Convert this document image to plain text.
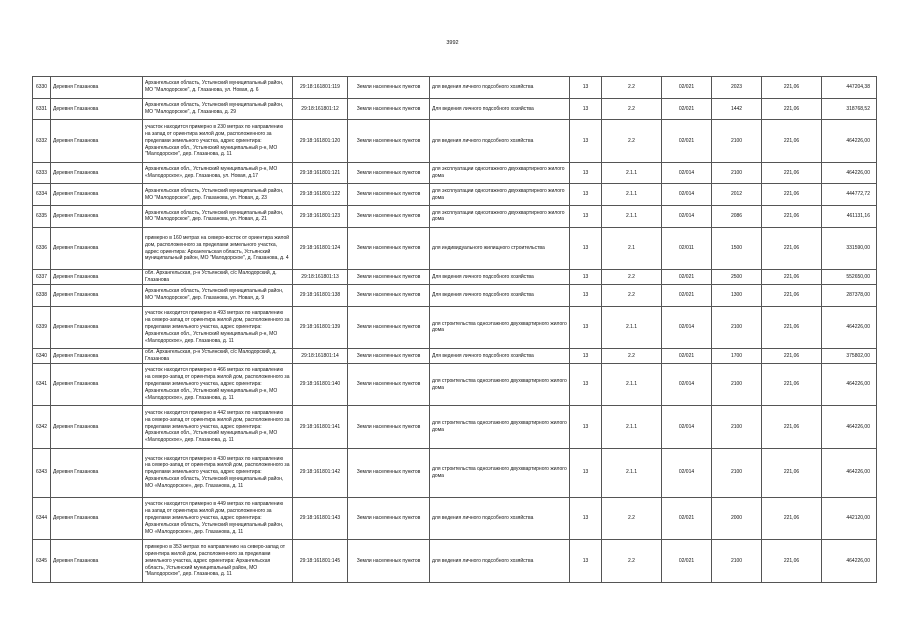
3992
6330	Деревня Глазанова	Архангельская область, Устьянский муниципальный район, МО "Малодорское", д. Глазанова, ул. Новая, д. 6	29:18:161801:119	Земли населенных пунктов	для ведения личного подсобного хозяйства	13	2.2	02/021	2023	221,06	447204,38
6331	Деревня Глазанова	Архангельская область, Устьянский муниципальный район, МО "Малодорское", д. Глазанова, д. 29	29:18:161801:12	Земли населенных пунктов	Для ведения личного подсобного хозяйства	13	2.2	02/021	1442	221,06	318768,52
6332	Деревня Глазанова	участок находится примерно в 230 метрах по направлению на запад от ориентира жилой дом, расположенного за пределами земельного участка, адрес ориентира: Архангельская обл., Устьянский муниципальный р-н, МО "Малодорское", дер. Глазанова, д. 11	29:18:161801:120	Земли населенных пунктов	для ведения личного подсобного хозяйства	13	2.2	02/021	2100	221,06	464226,00
6333	Деревня Глазанова	Архангельская обл., Устьянский муниципальный р-н, МО «Малодорское», дер. Глазанова, ул. Новая, д.17	29:18:161801:121	Земли населенных пунктов	для эксплуатации одноэтажного двухквартирного жилого дома	13	2.1.1	02/014	2100	221,06	464226,00
6334	Деревня Глазанова	Архангельская область, Устьянский муниципальный район, МО "Малодорское", дер. Глазанова, ул. Новая, д. 23	29:18:161801:122	Земли населенных пунктов	для эксплуатации одноэтажного двухквартирного жилого дома	13	2.1.1	02/014	2012	221,06	444772,72
6335	Деревня Глазанова	Архангельская область, Устьянский муниципальный район, МО "Малодорское", дер. Глазанова, ул. Новая, д. 21	29:18:161801:123	Земли населенных пунктов	для эксплуатации одноэтажного двухквартирного жилого дома	13	2.1.1	02/014	2086	221,06	461131,16
6336	Деревня Глазанова	примерно в 160 метрах на северо-восток от ориентира жилой дом, расположенного за пределами земельного участка, адрес ориентира: Архангельская область, Устьянский муниципальный район, МО "Малодорское", д. Глазанова, д. 4	29:18:161801:124	Земли населенных пунктов	для индивидуального жилищного строительства	13	2.1	02/011	1500	221,06	331590,00
6337	Деревня Глазанова	обл. Архангельская, р-н Устьянский, с/с Малодорский, д. Глазанова	29:18:161801:13	Земли населенных пунктов	Для ведения личного подсобного хозяйства	13	2.2	02/021	2500	221,06	552650,00
6338	Деревня Глазанова	Архангельская область, Устьянский муниципальный район, МО "Малодорское", дер. Глазанова, ул. Новая, д. 9	29:18:161801:138	Земли населенных пунктов	Для ведения личного подсобного хозяйства	13	2.2	02/021	1300	221,06	287378,00
6339	Деревня Глазанова	участок находится примерно в 493 метрах по направлению на северо-запад от ориентира жилой дом, расположенного за пределами земельного участка, адрес ориентира: Архангельская обл., Устьянский муниципальный р-н, МО «Малодорское», дер. Глазанова, д. 11	29:18:161801:139	Земли населенных пунктов	для строительства одноэтажного двухквартирного жилого дома	13	2.1.1	02/014	2100	221,06	464226,00
6340	Деревня Глазанова	обл. Архангельская, р-н Устьянский, с/с Малодорский, д. Глазанова	29:18:161801:14	Земли населенных пунктов	Для ведения личного подсобного хозяйства	13	2.2	02/021	1700	221,06	375802,00
6341	Деревня Глазанова	участок находится примерно в 466 метрах по направлению на северо-запад от ориентира жилой дом, расположенного за пределами земельного участка, адрес ориентира: Архангельская обл., Устьянский муниципальный р-н, МО «Малодорское», дер. Глазанова, д. 11	29:18:161801:140	Земли населенных пунктов	для строительства одноэтажного двухквартирного жилого дома	13	2.1.1	02/014	2100	221,06	464226,00
6342	Деревня Глазанова	участок находится примерно в 442 метрах по направлению на северо-запад от ориентира жилой дом, расположенного за пределами земельного участка, адрес ориентира: Архангельская обл., Устьянский муниципальный р-н, МО «Малодорское», дер. Глазанова, д. 11	29:18:161801:141	Земли населенных пунктов	для строительства одноэтажного двухквартирного жилого дома	13	2.1.1	02/014	2100	221,06	464226,00
6343	Деревня Глазанова	участок находится примерно в 430 метрах по направлению на северо-запад от ориентира жилой дом, расположенного за пределами земельного участка, адрес ориентира: Архангельская область, Устьянский муниципальный район, МО «Малодорское», дер. Глазанова, д. 11	29:18:161801:142	Земли населенных пунктов	для строительства одноэтажного двухквартирного жилого дома	13	2.1.1	02/014	2100	221,06	464226,00
6344	Деревня Глазанова	участок находится примерно в 449 метрах по направлению на запад от ориентира жилой дом, расположенного за пределами земельного участка, адрес ориентира: Архангельская область, Устьянский муниципальный район, МО «Малодорское», дер. Глазанова, д. 11	29:18:161801:143	Земли населенных пунктов	для ведения личного подсобного хозяйства	13	2.2	02/021	2000	221,06	442120,00
6345	Деревня Глазанова	примерно в 353 метрах по направлению на северо-запад от ориентира жилой дом, расположенного за пределами земельного участка, адрес ориентира: Архангельская область, Устьянский муниципальный район, МО "Малодорское", дер. Глазанова, д. 11	29:18:161801:145	Земли населенных пунктов	для ведения личного подсобного хозяйства	13	2.2	02/021	2100	221,06	464226,00
